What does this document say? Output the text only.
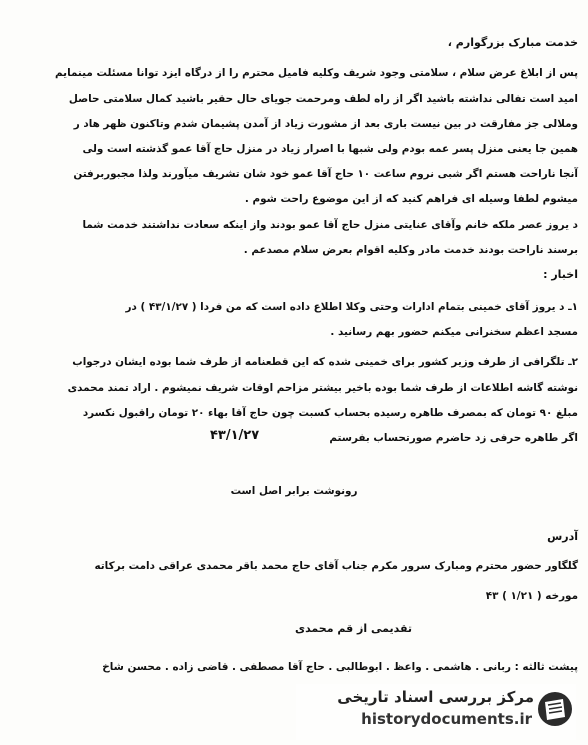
خدمت مبارک بزرگوارم ،
پس از ابلاغ عرض سلام ، سلامتی وجود شریف وکلیه فامیل محترم را از درگاه ایزد توانا مسئلت مینمایم
امید است تفالی نداشته باشید اگر از راه لطف ومرحمت جویای حال حقیر باشید کمال سلامتی حاصل
وملالی جز مفارقت در بین نیست باری بعد از مشورت زیاد از آمدن پشیمان شدم وتاکنون ظهر هاد ر
همین جا یعنی منزل پسر عمه بودم ولی شبها با اصرار زیاد در منزل حاج آقا عمو گذشته است ولی
آنجا ناراحت هستم اگر شبی نروم ساعت ۱۰ حاج آقا عمو خود شان تشریف میآورند ولذا مجبوربرفتن
میشوم لطفا وسیله ای فراهم کنید که از این موضوع راحت شوم .
د یروز عصر ملکه خانم وآقای عنایتی منزل حاج آقا عمو بودند واز اینکه سعادت نداشتند خدمت شما
برسند ناراحت بودند خدمت مادر وکلیه اقوام بعرض سلام مصدعم .
اخبار :
۱ـ د یروز آقای خمینی بتمام ادارات وحتی وکلا اطلاع داده است که من فردا ( ۴۳/۱/۲۷ ) در
مسجد اعظم سخنرانی میکنم حضور بهم رسانید .
۲ـ تلگرافی از طرف وزیر کشور برای خمینی شده که این قطعنامه از طرف شما بوده ایشان درجواب
نوشته گاشه اطلاعات از طرف شما بوده باخیر بیشتر مزاحم اوقات شریف نمیشوم . اراد تمند محمدی
مبلغ ۹۰ تومان که بمصرف طاهره رسیده بحساب کسبت چون حاج آقا بهاء ۲۰ تومان راقبول نکسرد
اگر طاهره حرفی زد حاضرم صورتحساب بفرستم
۴۳/۱/۲۷
رونوشت برابر اصل است
آدرس
گلگاور حضور محترم ومبارک سرور مکرم جناب آقای حاج محمد باقر محمدی عراقی دامت برکاته
مورخه ( ۱/۲۱ ) ۴۳
تقدیمی از قم محمدی
پیشت ثالثه : ربانی . هاشمی . واعظ . ابوطالبی . حاج آقا مصطفی . قاضی زاده . محسن شاخ
مرکز بررسی اسناد تاریخی
historydocuments.ir
